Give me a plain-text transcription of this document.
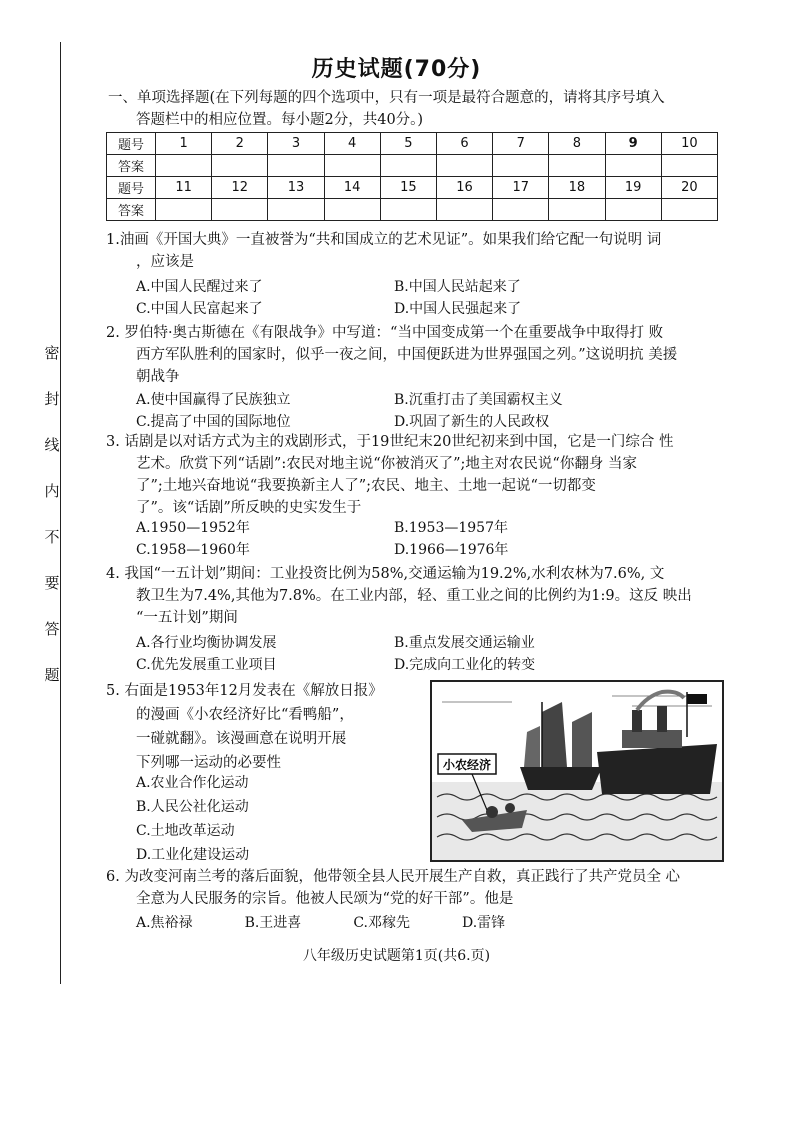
密
封
线
内
不
要
答
题
历史试题(70分)
一、单项选择题(在下列每题的四个选项中，只有一项是最符合题意的，请将其序号填入
答题栏中的相应位置。每小题2分，共40分。)
题号	1	2	3	4	5	6	7	8	9	10
答案										
题号	11	12	13	14	15	16	17	18	19	20
答案										
1.油画《开国大典》一直被誉为“共和国成立的艺术见证”。如果我们给它配一句说明 词
，应该是
A.中国人民醒过来了	B.中国人民站起来了
C.中国人民富起来了	D.中国人民强起来了
2. 罗伯特·奥古斯德在《有限战争》中写道：“当中国变成第一个在重要战争中取得打 败
西方军队胜利的国家时，似乎一夜之间，中国便跃进为世界强国之列。”这说明抗 美援
朝战争
A.使中国赢得了民族独立	B.沉重打击了美国霸权主义
C.提高了中国的国际地位	D.巩固了新生的人民政权
3. 话剧是以对话方式为主的戏剧形式，于19世纪末20世纪初来到中国，它是一门综合 性
艺术。欣赏下列“话剧”:农民对地主说“你被消灭了”;地主对农民说“你翻身 当家
了”;土地兴奋地说“我要换新主人了”;农民、地主、土地一起说“一切都变
了”。该“话剧”所反映的史实发生于
A.1950—1952年	B.1953—1957年
C.1958—1960年	D.1966—1976年
4. 我国“一五计划”期间：工业投资比例为58%,交通运输为19.2%,水利农林为7.6%, 文
教卫生为7.4%,其他为7.8%。在工业内部，轻、重工业之间的比例约为1:9。这反 映出
“一五计划”期间
A.各行业均衡协调发展	B.重点发展交通运输业
C.优先发展重工业项目	D.完成向工业化的转变
5. 右面是1953年12月发表在《解放日报》
的漫画《小农经济好比“看鸭船”，
一碰就翻》。该漫画意在说明开展
下列哪一运动的必要性
A.农业合作化运动
B.人民公社化运动
C.土地改革运动
D.工业化建设运动
小农经济
6. 为改变河南兰考的落后面貌，他带领全县人民开展生产自救，真正践行了共产党员全 心
全意为人民服务的宗旨。他被人民颂为“党的好干部”。他是
A.焦裕禄	B.王进喜	C.邓稼先	D.雷锋
八年级历史试题第1页(共6.页)
